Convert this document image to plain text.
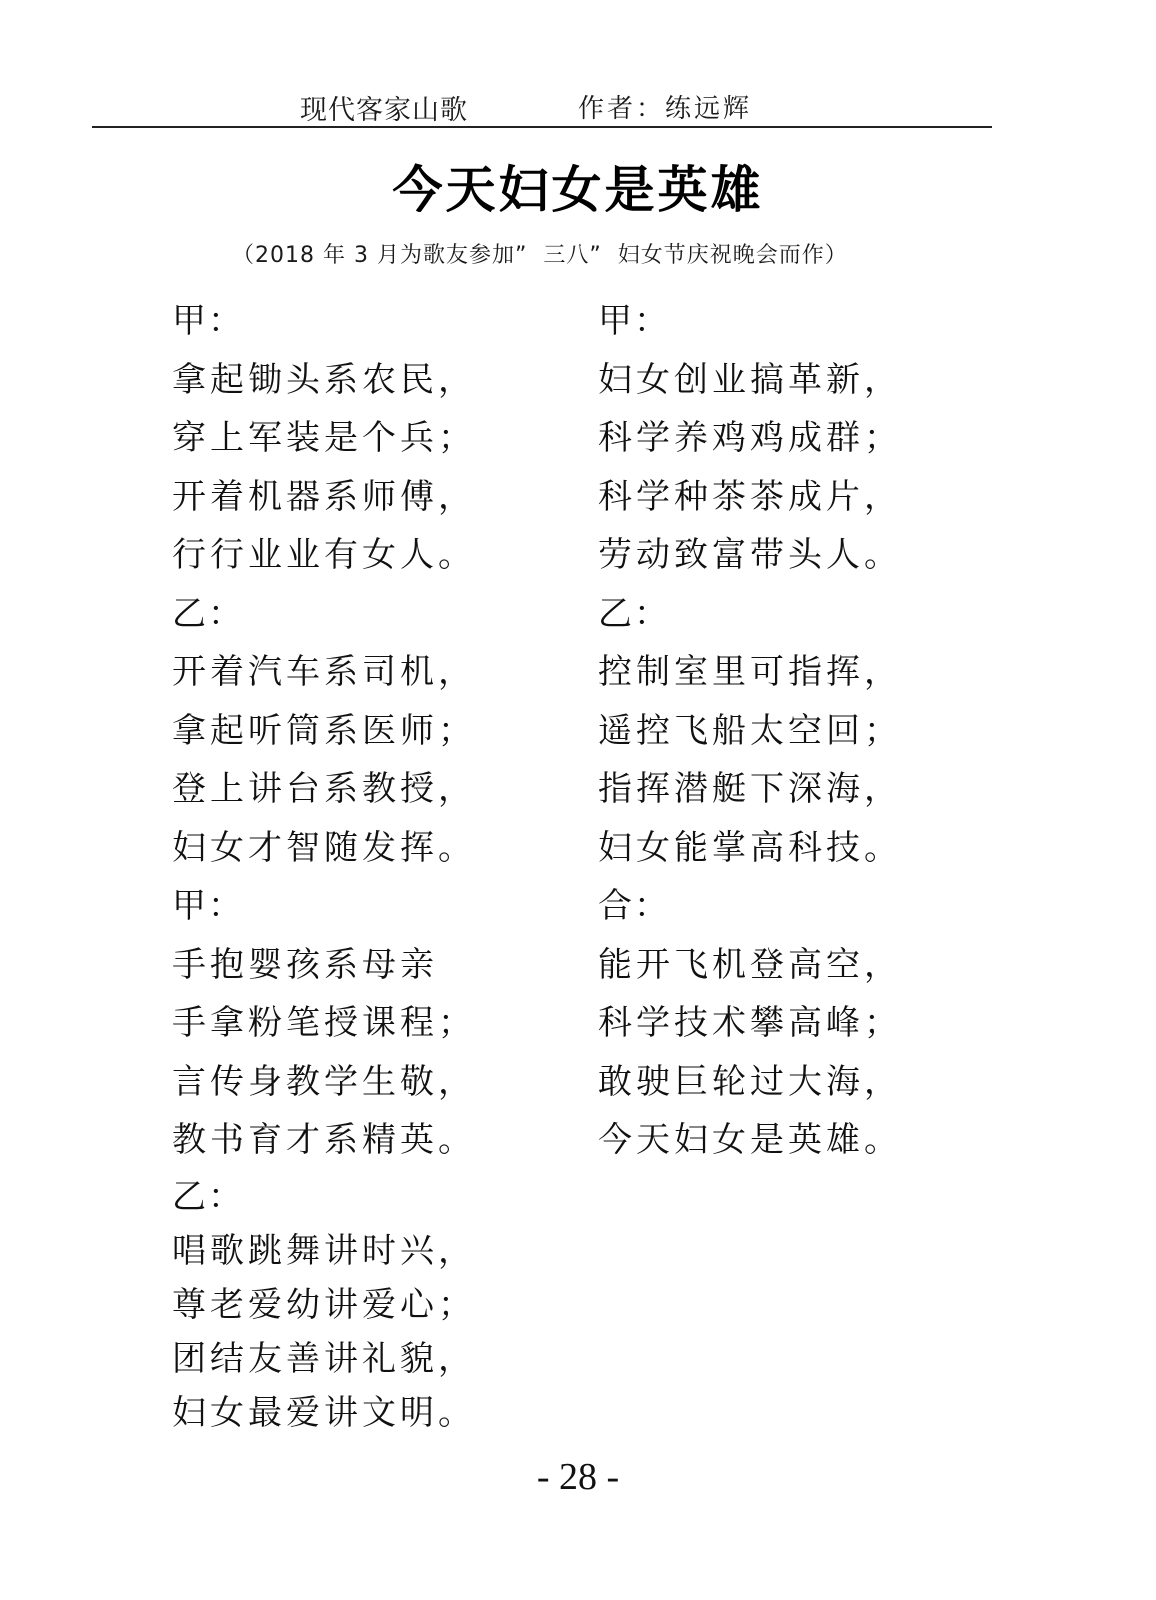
现代客家山歌	作者：练远辉
今天妇女是英雄
（2018 年 3 月为歌友参加”  三八”  妇女节庆祝晚会而作）
甲：
拿起锄头系农民，
穿上军装是个兵；
开着机器系师傅，
行行业业有女人。
乙：
开着汽车系司机，
拿起听筒系医师；
登上讲台系教授，
妇女才智随发挥。
甲：
手抱婴孩系母亲
手拿粉笔授课程；
言传身教学生敬，
教书育才系精英。
乙：
唱歌跳舞讲时兴，
尊老爱幼讲爱心；
团结友善讲礼貌，
妇女最爱讲文明。
甲：
妇女创业搞革新，
科学养鸡鸡成群；
科学种茶茶成片，
劳动致富带头人。
乙：
控制室里可指挥，
遥控飞船太空回；
指挥潜艇下深海，
妇女能掌高科技。
合：
能开飞机登高空，
科学技术攀高峰；
敢驶巨轮过大海，
今天妇女是英雄。
- 28 -
